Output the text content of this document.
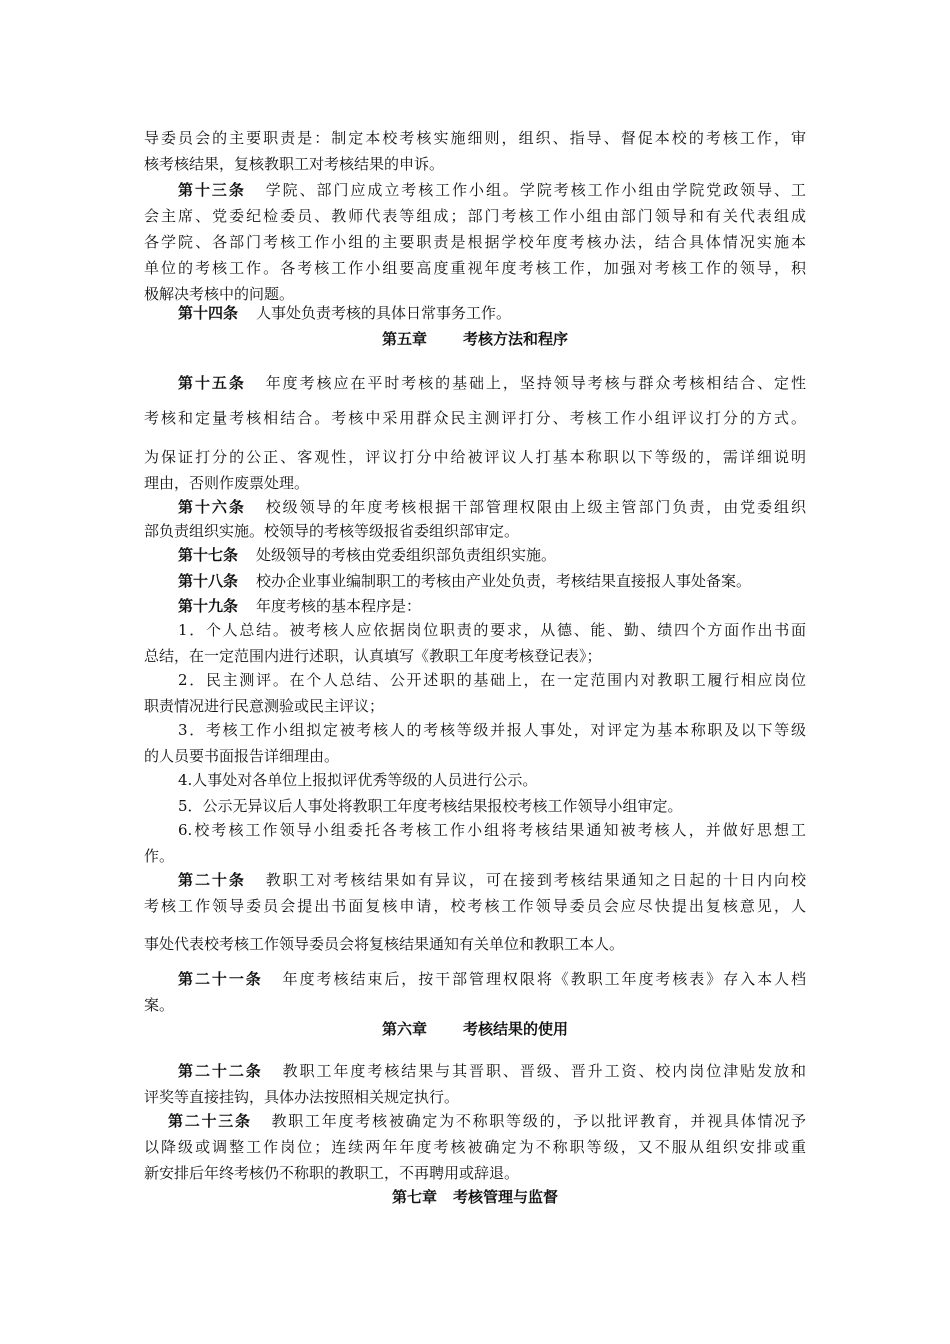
导委员会的主要职责是：制定本校考核实施细则，组织、指导、督促本校的考核工作，审
核考核结果，复核教职工对考核结果的申诉。
第十三条 学院、部门应成立考核工作小组。学院考核工作小组由学院党政领导、工
会主席、党委纪检委员、教师代表等组成；部门考核工作小组由部门领导和有关代表组成
各学院、各部门考核工作小组的主要职责是根据学校年度考核办法，结合具体情况实施本
单位的考核工作。各考核工作小组要高度重视年度考核工作，加强对考核工作的领导，积
极解决考核中的问题。
第十四条 人事处负责考核的具体日常事务工作。
第五章 考核方法和程序
第十五条 年度考核应在平时考核的基础上，坚持领导考核与群众考核相结合、定性
考核和定量考核相结合。考核中采用群众民主测评打分、考核工作小组评议打分的方式。
为保证打分的公正、客观性，评议打分中给被评议人打基本称职以下等级的，需详细说明
理由，否则作废票处理。
第十六条 校级领导的年度考核根据干部管理权限由上级主管部门负责，由党委组织
部负责组织实施。校领导的考核等级报省委组织部审定。
第十七条 处级领导的考核由党委组织部负责组织实施。
第十八条 校办企业事业编制职工的考核由产业处负责，考核结果直接报人事处备案。
第十九条 年度考核的基本程序是：
1．个人总结。被考核人应依据岗位职责的要求，从德、能、勤、绩四个方面作出书面
总结，在一定范围内进行述职，认真填写《教职工年度考核登记表》；
2．民主测评。在个人总结、公开述职的基础上，在一定范围内对教职工履行相应岗位
职责情况进行民意测验或民主评议；
3．考核工作小组拟定被考核人的考核等级并报人事处，对评定为基本称职及以下等级
的人员要书面报告详细理由。
4.人事处对各单位上报拟评优秀等级的人员进行公示。
5．公示无异议后人事处将教职工年度考核结果报校考核工作领导小组审定。
6.校考核工作领导小组委托各考核工作小组将考核结果通知被考核人，并做好思想工
作。
第二十条 教职工对考核结果如有异议，可在接到考核结果通知之日起的十日内向校
考核工作领导委员会提出书面复核申请，校考核工作领导委员会应尽快提出复核意见，人
事处代表校考核工作领导委员会将复核结果通知有关单位和教职工本人。
第二十一条 年度考核结束后，按干部管理权限将《教职工年度考核表》存入本人档
案。
第六章 考核结果的使用
第二十二条 教职工年度考核结果与其晋职、晋级、晋升工资、校内岗位津贴发放和
评奖等直接挂钩，具体办法按照相关规定执行。
第二十三条 教职工年度考核被确定为不称职等级的，予以批评教育，并视具体情况予
以降级或调整工作岗位；连续两年年度考核被确定为不称职等级，又不服从组织安排或重
新安排后年终考核仍不称职的教职工，不再聘用或辞退。
第七章 考核管理与监督
